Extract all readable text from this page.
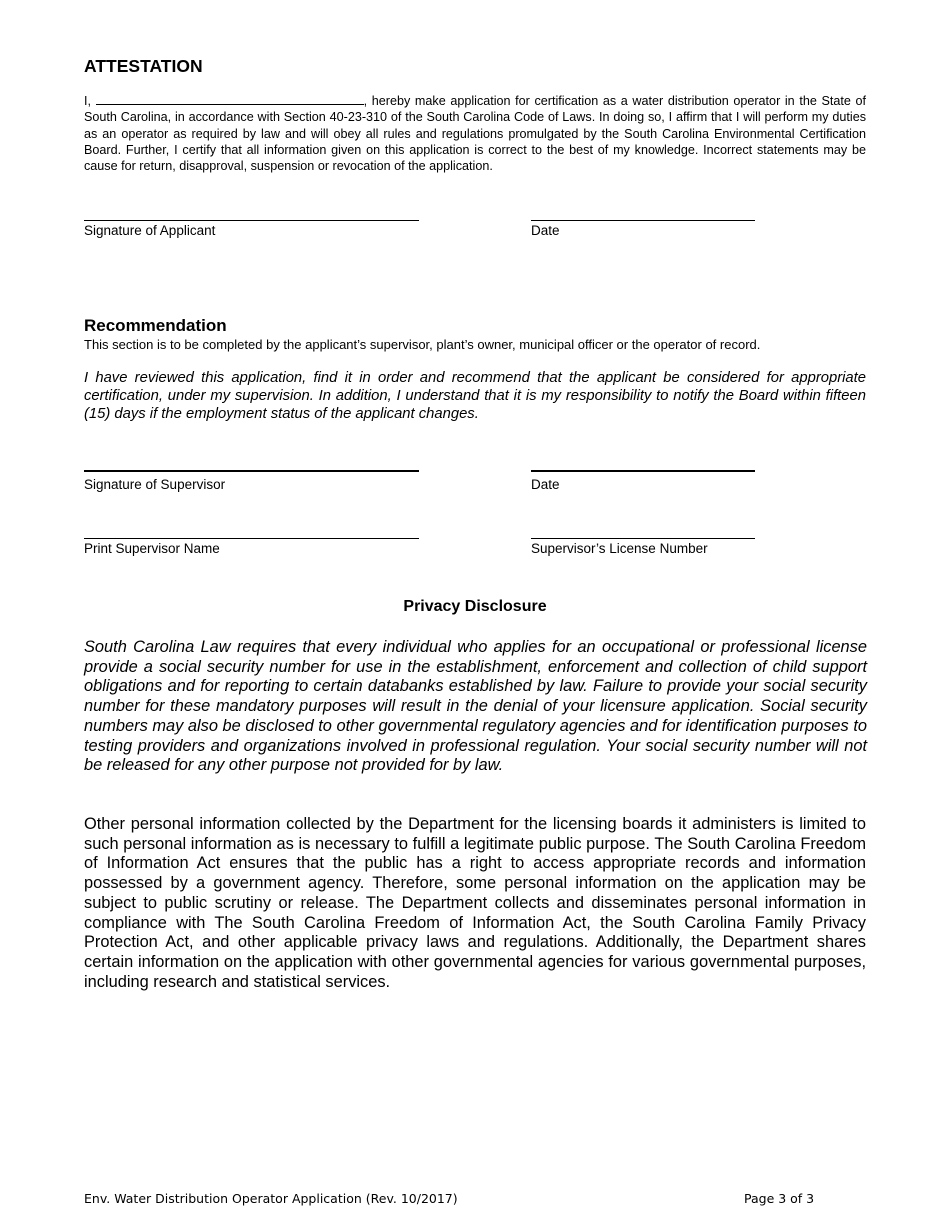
ATTESTATION
I,	, hereby make application for certification as a water distribution operator in the State of South Carolina, in accordance with Section 40-23-310 of the South Carolina Code of Laws. In doing so, I affirm that I will perform my duties as an operator as required by law and will obey all rules and regulations promulgated by the South Carolina Environmental Certification Board. Further, I certify that all information given on this application is correct to the best of my knowledge. Incorrect statements may be cause for return, disapproval, suspension or revocation of the application.
Signature of Applicant	Date
Recommendation
This section is to be completed by the applicant’s supervisor, plant’s owner, municipal officer or the operator of record.
I have reviewed this application, find it in order and recommend that the applicant be considered for appropriate certification, under my supervision. In addition, I understand that it is my responsibility to notify the Board within fifteen (15) days if the employment status of the applicant changes.
Signature of Supervisor	Date
Print Supervisor Name	Supervisor’s License Number
Privacy Disclosure
South Carolina Law requires that every individual who applies for an occupational or professional license provide a social security number for use in the establishment, enforcement and collection of child support obligations and for reporting to certain databanks established by law. Failure to provide your social security number for these mandatory purposes will result in the denial of your licensure application. Social security numbers may also be disclosed to other governmental regulatory agencies and for identification purposes to testing providers and organizations involved in professional regulation. Your social security number will not be released for any other purpose not provided for by law.
Other personal information collected by the Department for the licensing boards it administers is limited to such personal information as is necessary to fulfill a legitimate public purpose. The South Carolina Freedom of Information Act ensures that the public has a right to access appropriate records and information possessed by a government agency. Therefore, some personal information on the application may be subject to public scrutiny or release. The Department collects and disseminates personal information in compliance with The South Carolina Freedom of Information Act, the South Carolina Family Privacy Protection Act, and other applicable privacy laws and regulations. Additionally, the Department shares certain information on the application with other governmental agencies for various governmental purposes, including research and statistical services.
Env. Water Distribution Operator Application (Rev. 10/2017)	Page 3 of 3
